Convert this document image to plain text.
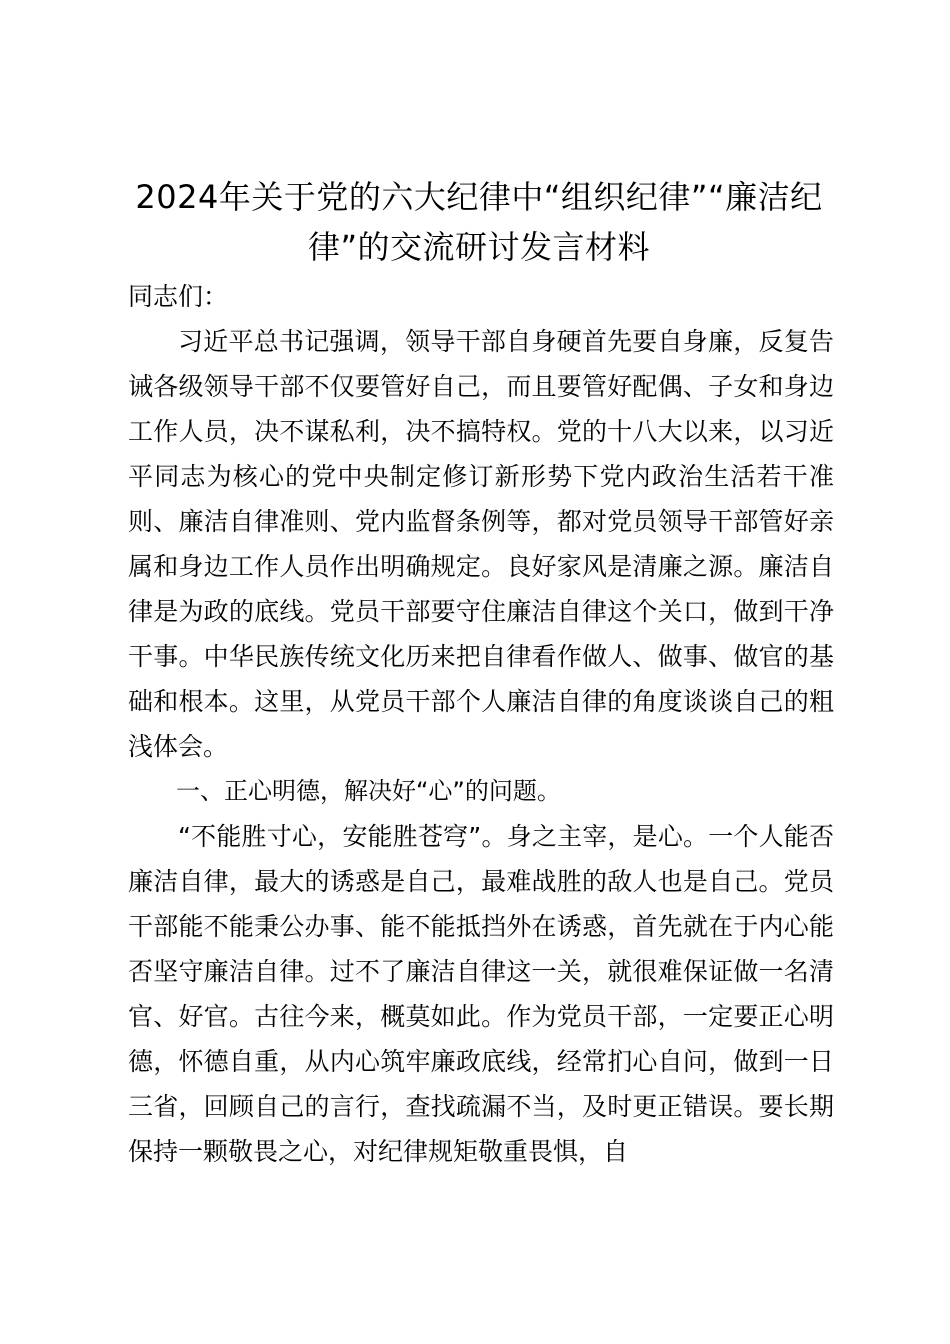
2024年关于党的六大纪律中“组织纪律”“廉洁纪律”的交流研讨发言材料

同志们：

习近平总书记强调，领导干部自身硬首先要自身廉，反复告诫各级领导干部不仅要管好自己，而且要管好配偶、子女和身边工作人员，决不谋私利，决不搞特权。党的十八大以来，以习近平同志为核心的党中央制定修订新形势下党内政治生活若干准则、廉洁自律准则、党内监督条例等，都对党员领导干部管好亲属和身边工作人员作出明确规定。良好家风是清廉之源。廉洁自律是为政的底线。党员干部要守住廉洁自律这个关口，做到干净干事。中华民族传统文化历来把自律看作做人、做事、做官的基础和根本。这里，从党员干部个人廉洁自律的角度谈谈自己的粗浅体会。

一、正心明德，解决好“心”的问题。

“不能胜寸心，安能胜苍穹”。身之主宰，是心。一个人能否廉洁自律，最大的诱惑是自己，最难战胜的敌人也是自己。党员干部能不能秉公办事、能不能抵挡外在诱惑，首先就在于内心能否坚守廉洁自律。过不了廉洁自律这一关，就很难保证做一名清官、好官。古往今来，概莫如此。作为党员干部，一定要正心明德，怀德自重，从内心筑牢廉政底线，经常扪心自问，做到一日三省，回顾自己的言行，查找疏漏不当，及时更正错误。要长期保持一颗敬畏之心，对纪律规矩敬重畏惧，自
